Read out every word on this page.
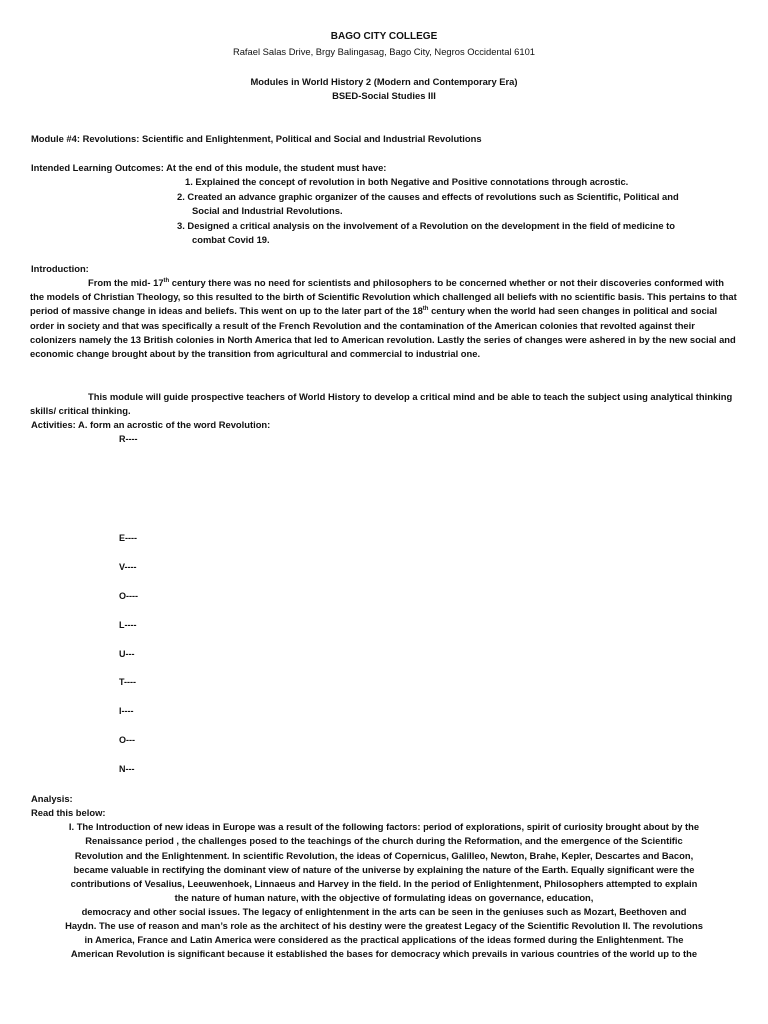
BAGO CITY COLLEGE
Rafael Salas Drive, Brgy Balingasag, Bago City, Negros Occidental 6101
Modules in World History 2 (Modern and Contemporary Era)
BSED-Social Studies III
Module #4: Revolutions: Scientific and Enlightenment, Political and Social and Industrial Revolutions
Intended Learning Outcomes: At the end of this module, the student must have:
1. Explained the concept of revolution in both Negative and Positive connotations through acrostic.
2. Created an advance graphic organizer of the causes and effects of revolutions such as Scientific, Political and
Social and Industrial Revolutions.
3. Designed a critical analysis on the involvement of a Revolution on the development in the field of medicine to
combat Covid 19.
Introduction:
From the mid- 17th century there was no need for scientists and philosophers to be concerned whether or not their discoveries conformed with the models of Christian Theology, so this resulted to the birth of Scientific Revolution which challenged all beliefs with no scientific basis. This pertains to that period of massive change in ideas and beliefs. This went on up to the later part of the 18th century when the world had seen changes in political and social order in society and that was specifically a result of the French Revolution and the contamination of the American colonies that revolted against their colonizers namely the 13 British colonies in North America that led to American revolution. Lastly the series of changes were ashered in by the new social and economic change brought about by the transition from agricultural and commercial to industrial one.
This module will guide prospective teachers of World History to develop a critical mind and be able to teach the subject using analytical thinking skills/ critical thinking.
Activities: A. form an acrostic of the word Revolution:
R----
E----
V----
O----
L----
U---
T----
I----
O---
N---
Analysis:
Read this below:
I. The Introduction of new ideas in Europe was a result of the following factors: period of explorations, spirit of curiosity brought about by the
Renaissance period , the challenges posed to the teachings of the church during the Reformation, and the emergence of the Scientific
Revolution and the Enlightenment. In scientific Revolution, the ideas of Copernicus, Galilleo, Newton, Brahe, Kepler, Descartes and Bacon,
became valuable in rectifying the dominant view of nature of the universe by explaining the nature of the Earth. Equally significant were the
contributions of Vesalius, Leeuwenhoek, Linnaeus and Harvey in the field. In the period of Enlightenment, Philosophers attempted to explain
the nature of human nature, with the objective of formulating ideas on governance, education,
democracy and other social issues. The legacy of enlightenment in the arts can be seen in the geniuses such as Mozart, Beethoven and
Haydn. The use of reason and man’s role as the architect of his destiny were the greatest Legacy of the Scientific Revolution II. The revolutions
in America, France and Latin America were considered as the practical applications of the ideas formed during the Enlightenment. The
American Revolution is significant because it established the bases for democracy which prevails in various countries of the world up to the
